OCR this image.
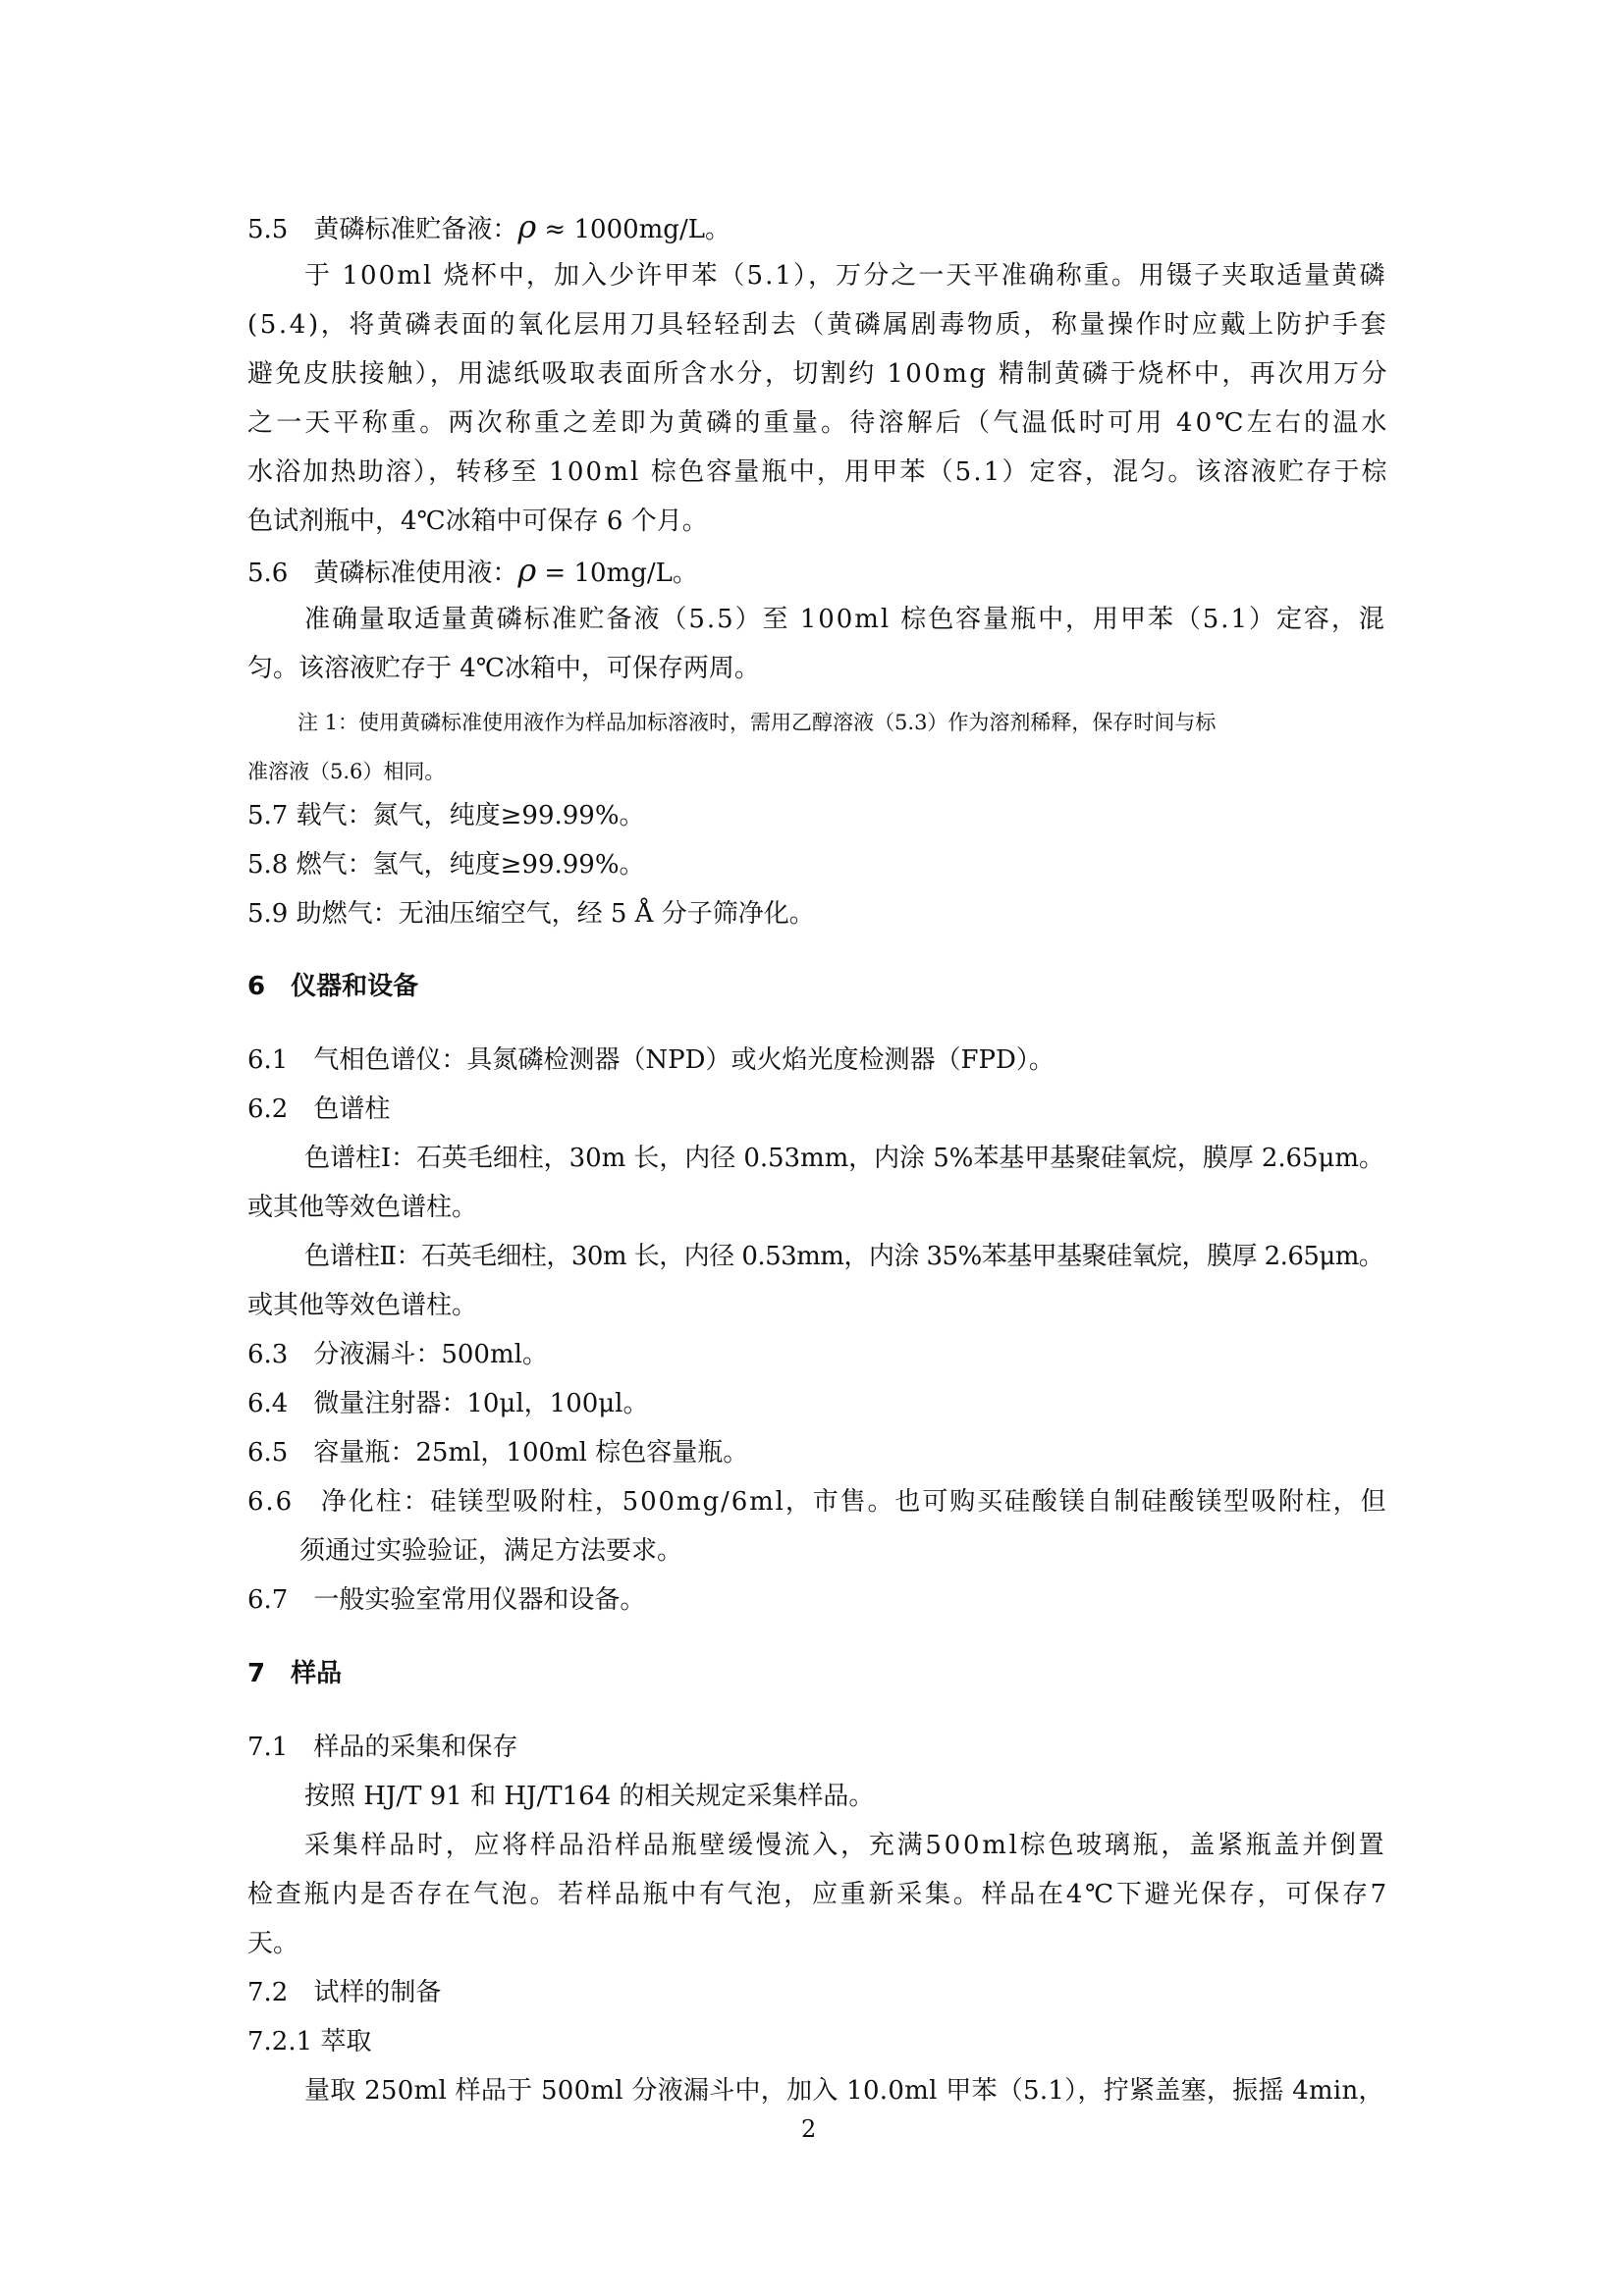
5.5　黄磷标准贮备液：ρ ≈ 1000mg/L。
于 100ml 烧杯中，加入少许甲苯（5.1），万分之一天平准确称重。用镊子夹取适量黄磷
(5.4)，将黄磷表面的氧化层用刀具轻轻刮去（黄磷属剧毒物质，称量操作时应戴上防护手套
避免皮肤接触），用滤纸吸取表面所含水分，切割约 100mg 精制黄磷于烧杯中，再次用万分
之一天平称重。两次称重之差即为黄磷的重量。待溶解后（气温低时可用 40℃左右的温水
水浴加热助溶），转移至 100ml 棕色容量瓶中，用甲苯（5.1）定容，混匀。该溶液贮存于棕
色试剂瓶中，4℃冰箱中可保存 6 个月。
5.6　黄磷标准使用液：ρ = 10mg/L。
准确量取适量黄磷标准贮备液（5.5）至 100ml 棕色容量瓶中，用甲苯（5.1）定容，混
匀。该溶液贮存于 4℃冰箱中，可保存两周。
注 1：使用黄磷标准使用液作为样品加标溶液时，需用乙醇溶液（5.3）作为溶剂稀释，保存时间与标
准溶液（5.6）相同。
5.7 载气：氮气，纯度≥99.99%。
5.8 燃气：氢气，纯度≥99.99%。
5.9 助燃气：无油压缩空气，经 5 Å 分子筛净化。
6　仪器和设备
6.1　气相色谱仪：具氮磷检测器（NPD）或火焰光度检测器（FPD）。
6.2　色谱柱
色谱柱Ⅰ：石英毛细柱，30m 长，内径 0.53mm，内涂 5%苯基甲基聚硅氧烷，膜厚 2.65μm。
或其他等效色谱柱。
色谱柱Ⅱ：石英毛细柱，30m 长，内径 0.53mm，内涂 35%苯基甲基聚硅氧烷，膜厚 2.65μm。
或其他等效色谱柱。
6.3　分液漏斗：500ml。
6.4　微量注射器：10μl，100μl。
6.5　容量瓶：25ml，100ml 棕色容量瓶。
6.6　净化柱：硅镁型吸附柱，500mg/6ml，市售。也可购买硅酸镁自制硅酸镁型吸附柱，但
须通过实验验证，满足方法要求。
6.7　一般实验室常用仪器和设备。
7　样品
7.1　样品的采集和保存
按照 HJ/T 91 和 HJ/T164 的相关规定采集样品。
采集样品时，应将样品沿样品瓶壁缓慢流入，充满500ml棕色玻璃瓶，盖紧瓶盖并倒置
检查瓶内是否存在气泡。若样品瓶中有气泡，应重新采集。样品在4℃下避光保存，可保存7
天。
7.2　试样的制备
7.2.1 萃取
量取 250ml 样品于 500ml 分液漏斗中，加入 10.0ml 甲苯（5.1），拧紧盖塞，振摇 4min，
2
